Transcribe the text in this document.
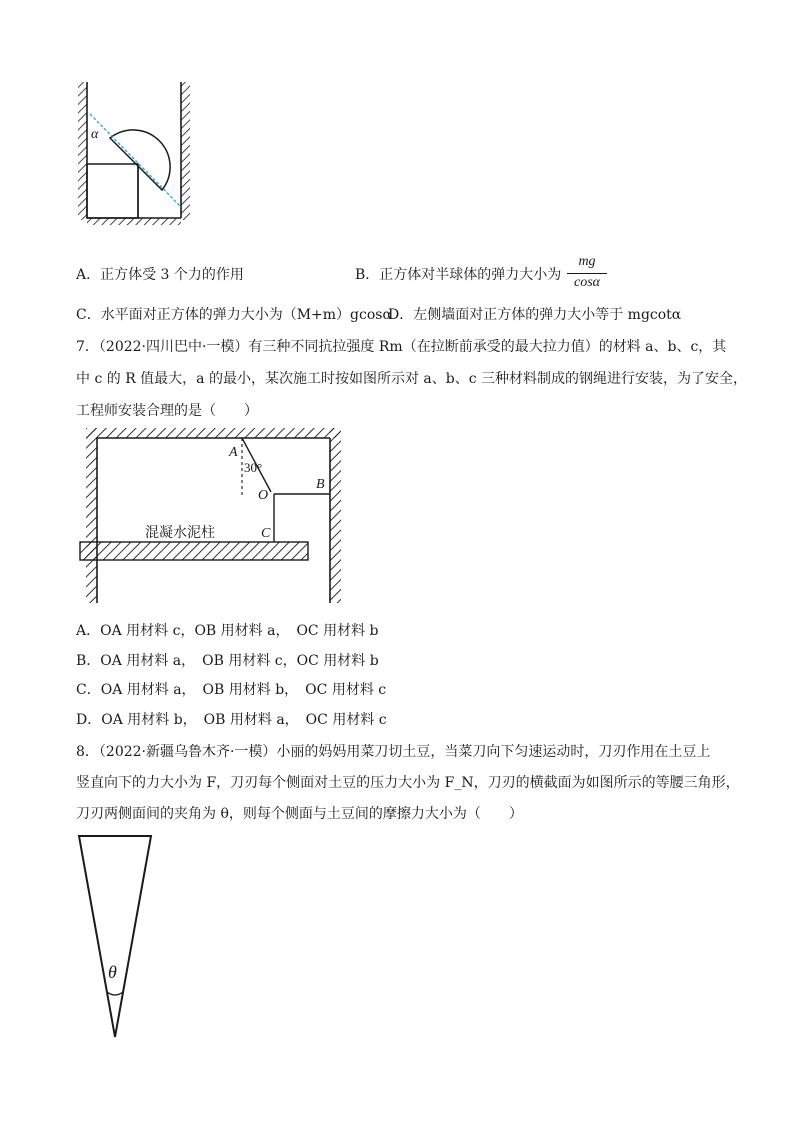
α
A．正方体受 3 个力的作用	B．正方体对半球体的弹力大小为
mg
cosα
C．水平面对正方体的弹力大小为（M+m）gcosα
D．左侧墙面对正方体的弹力大小等于 mgcotα
7．（2022·四川巴中·一模）有三种不同抗拉强度 Rm（在拉断前承受的最大拉力值）的材料 a、b、c，其
中 c 的 R 值最大，a 的最小，某次施工时按如图所示对 a、b、c 三种材料制成的钢绳进行安装，为了安全，
工程师安装合理的是（　　）
A
30°
O
B
C
混凝水泥柱
A．OA 用材料 c，OB 用材料 a，　OC 用材料 b
B．OA 用材料 a，　OB 用材料 c，OC 用材料 b
C．OA 用材料 a，　OB 用材料 b，　OC 用材料 c
D．OA 用材料 b，　OB 用材料 a，　OC 用材料 c
8．（2022·新疆乌鲁木齐·一模）小丽的妈妈用菜刀切土豆，当菜刀向下匀速运动时，刀刃作用在土豆上
竖直向下的力大小为 F，刀刃每个侧面对土豆的压力大小为 F_N，刀刃的横截面为如图所示的等腰三角形，
刀刃两侧面间的夹角为 θ，则每个侧面与土豆间的摩擦力大小为（　　）
θ
